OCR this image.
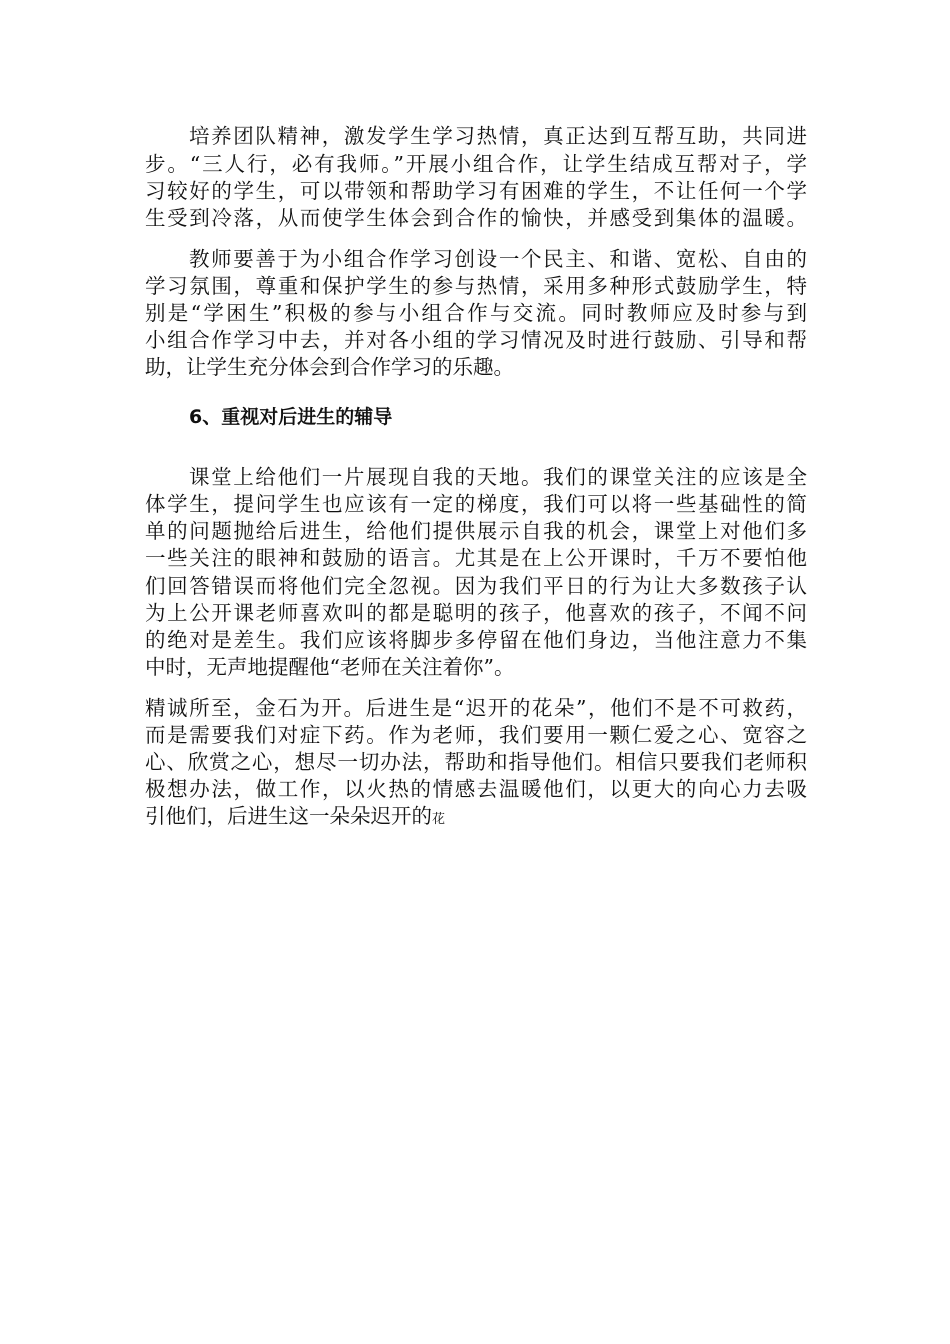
培养团队精神，激发学生学习热情，真正达到互帮互助，共同进
步。“三人行，必有我师。”开展小组合作，让学生结成互帮对子，学
习较好的学生，可以带领和帮助学习有困难的学生，不让任何一个学
生受到冷落，从而使学生体会到合作的愉快，并感受到集体的温暖。
教师要善于为小组合作学习创设一个民主、和谐、宽松、自由的
学习氛围，尊重和保护学生的参与热情，采用多种形式鼓励学生，特
别是“学困生”积极的参与小组合作与交流。同时教师应及时参与到
小组合作学习中去，并对各小组的学习情况及时进行鼓励、引导和帮
助，让学生充分体会到合作学习的乐趣。
6、重视对后进生的辅导
课堂上给他们一片展现自我的天地。我们的课堂关注的应该是全
体学生，提问学生也应该有一定的梯度，我们可以将一些基础性的简
单的问题抛给后进生，给他们提供展示自我的机会，课堂上对他们多
一些关注的眼神和鼓励的语言。尤其是在上公开课时，千万不要怕他
们回答错误而将他们完全忽视。因为我们平日的行为让大多数孩子认
为上公开课老师喜欢叫的都是聪明的孩子，他喜欢的孩子，不闻不问
的绝对是差生。我们应该将脚步多停留在他们身边，当他注意力不集
中时，无声地提醒他“老师在关注着你”。
精诚所至，金石为开。后进生是“迟开的花朵”，他们不是不可救药，
而是需要我们对症下药。作为老师，我们要用一颗仁爱之心、宽容之
心、欣赏之心，想尽一切办法，帮助和指导他们。相信只要我们老师积
极想办法，做工作，以火热的情感去温暖他们，以更大的向心力去吸
引他们，后进生这一朵朵迟开的花
